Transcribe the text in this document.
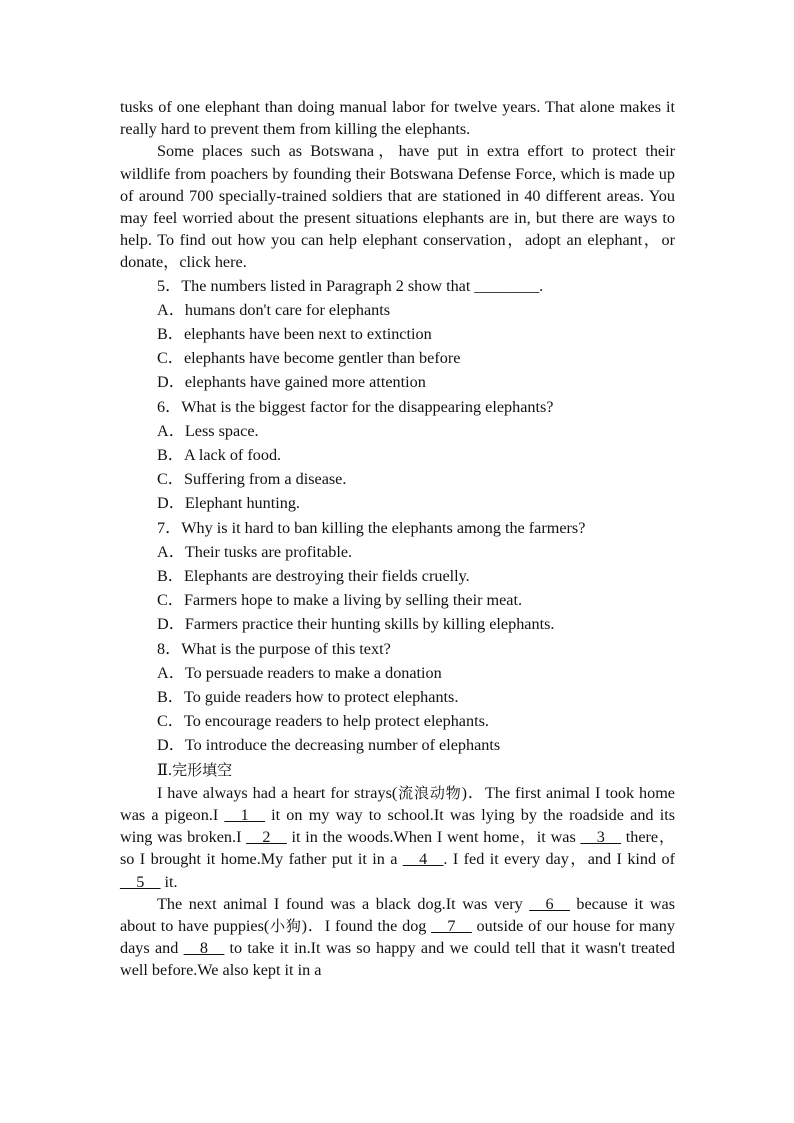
tusks of one elephant than doing manual labor for twelve years. That alone makes it really hard to prevent them from killing the elephants.

Some places such as Botswana，have put in extra effort to protect their wildlife from poachers by founding their Botswana Defense Force, which is made up of around 700 specially-trained soldiers that are stationed in 40 different areas. You may feel worried about the present situations elephants are in, but there are ways to help. To find out how you can help elephant conservation，adopt an elephant，or donate，click here.

5．The numbers listed in Paragraph 2 show that ________.

A．humans don't care for elephants

B．elephants have been next to extinction

C．elephants have become gentler than before

D．elephants have gained more attention

6．What is the biggest factor for the disappearing elephants?

A．Less space.

B．A lack of food.

C．Suffering from a disease.

D．Elephant hunting.

7．Why is it hard to ban killing the elephants among the farmers?

A．Their tusks are profitable.

B．Elephants are destroying their fields cruelly.

C．Farmers hope to make a living by selling their meat.

D．Farmers practice their hunting skills by killing elephants.

8．What is the purpose of this text?

A．To persuade readers to make a donation

B．To guide readers how to protect elephants.

C．To encourage readers to help protect elephants.

D．To introduce the decreasing number of elephants

Ⅱ.完形填空

I have always had a heart for strays(流浪动物)．The first animal I took home was a pigeon.I __1__ it on my way to school.It was lying by the roadside and its wing was broken.I __2__ it in the woods.When I went home，it was __3__ there，so I brought it home.My father put it in a __4__. I fed it every day，and I kind of __5__ it.

The next animal I found was a black dog.It was very __6__ because it was about to have puppies(小狗)．I found the dog __7__ outside of our house for many days and __8__ to take it in.It was so happy and we could tell that it wasn't treated well before.We also kept it in a
